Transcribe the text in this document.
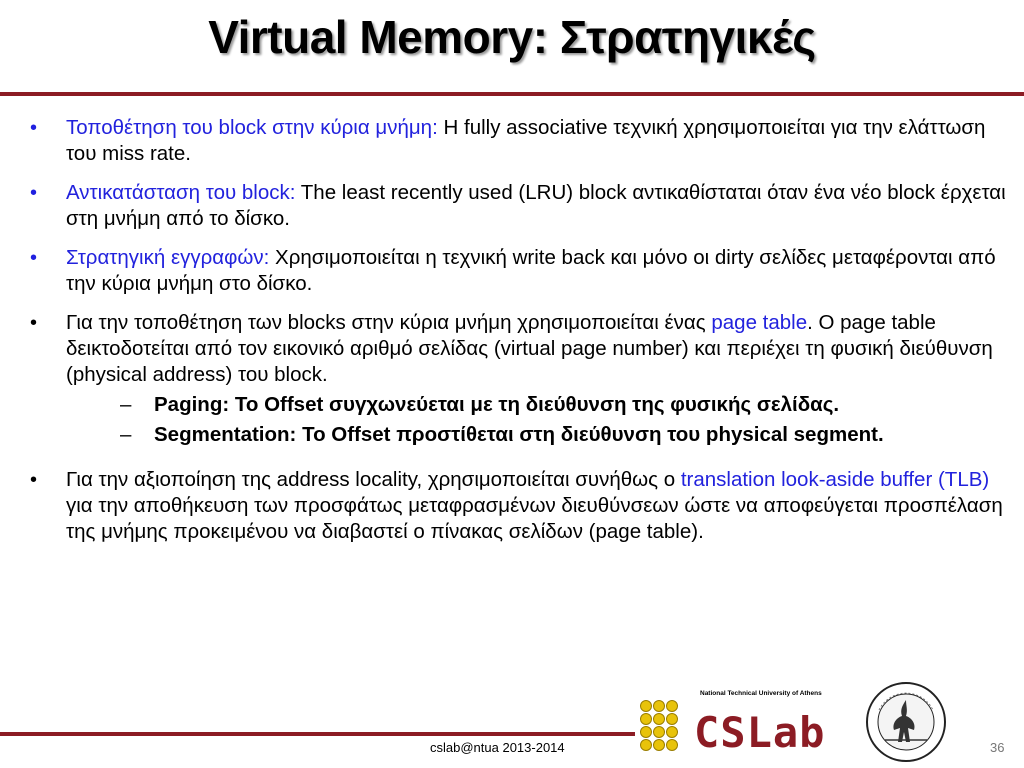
Virtual Memory: Στρατηγικές
• Τοποθέτηση του block στην κύρια μνήμη: H fully associative τεχνική χρησιμοποιείται για την ελάττωση του miss rate.
• Αντικατάσταση του block: The least recently used (LRU) block αντικαθίσταται όταν ένα νέο block έρχεται στη μνήμη από το δίσκο.
• Στρατηγική εγγραφών: Χρησιμοποιείται η τεχνική write back και μόνο οι dirty σελίδες μεταφέρονται από την κύρια μνήμη στο δίσκο.
• Για την τοποθέτηση των blocks στην κύρια μνήμη χρησιμοποιείται ένας page table. O page table δεικτοδοτείται από τον εικονικό αριθμό σελίδας (virtual page number) και περιέχει τη φυσική διεύθυνση (physical address) του block.
– Paging: To Offset συγχωνεύεται με τη διεύθυνση της φυσικής σελίδας.
– Segmentation: To Offset προστίθεται στη διεύθυνση του physical segment.
• Για την αξιοποίηση της address locality, χρησιμοποιείται συνήθως ο translation look-aside buffer (TLB) για την αποθήκευση των προσφάτως μεταφρασμένων διευθύνσεων ώστε να αποφεύγεται προσπέλαση της μνήμης προκειμένου να διαβαστεί ο πίνακας σελίδων (page table).
cslab@ntua 2013-2014	36
National Technical University of Athens
CSLab
